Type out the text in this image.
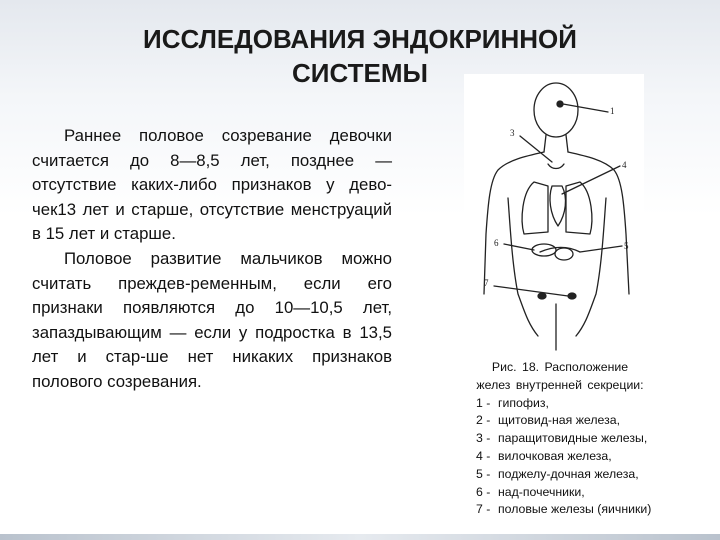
ИССЛЕДОВАНИЯ ЭНДОКРИННОЙ
СИСТЕМЫ

Раннее половое созревание девочки считается до 8—8,5 лет, позднее — отсутствие каких-либо признаков у дево-чек13 лет и старше, отсутствие менструаций в 15 лет и старше.

Половое развитие мальчиков можно считать преждев-ременным, если его признаки появляются до 10—10,5 лет, запаздывающим — если у подростка в 13,5 лет и стар-ше нет никаких признаков полового созревания.

1
3
4
6	5
7
Рис. 18. Расположение
желез внутренней секреции:
1 - гипофиз,
2 - щитовид-ная железа,
3 - паращитовидные железы,
4 - вилочковая железа,
5 - поджелу-дочная железа,
6 - над-почечники,
7 - половые железы (яичники)
